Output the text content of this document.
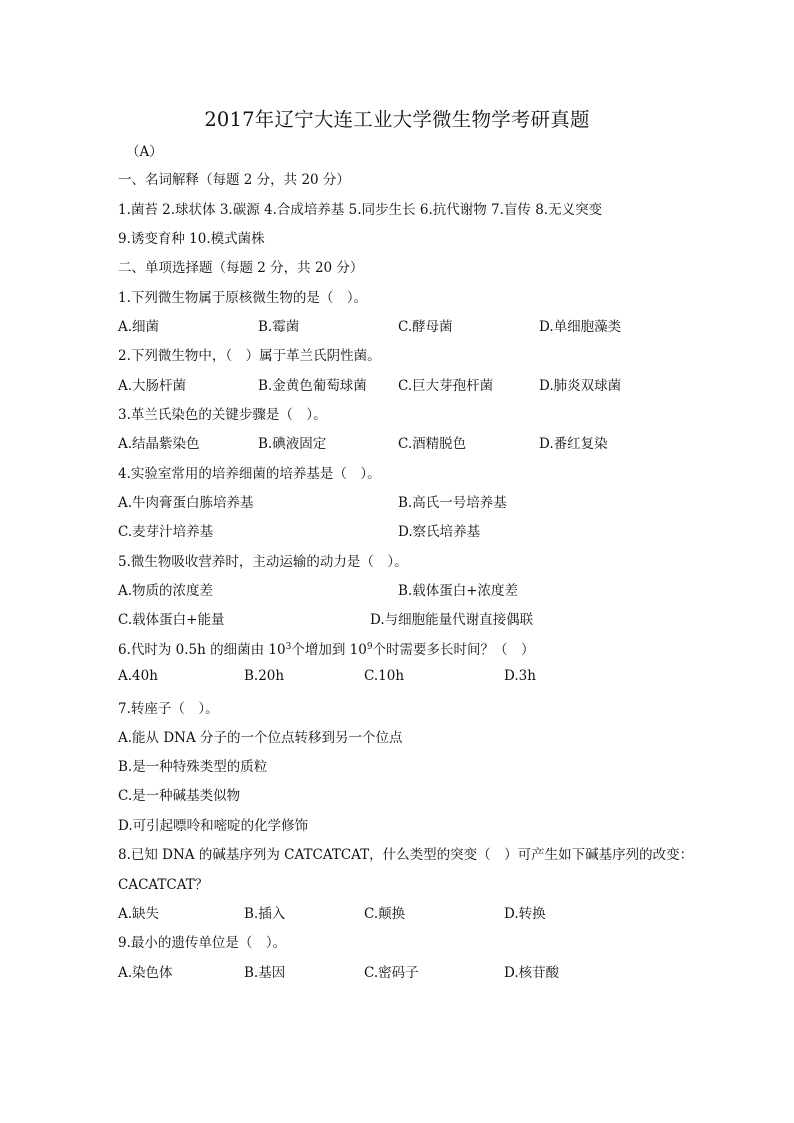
2017年辽宁大连工业大学微生物学考研真题
（A）
一、名词解释（每题 2 分，共 20 分）
1.菌苔 2.球状体 3.碳源 4.合成培养基 5.同步生长 6.抗代谢物 7.盲传 8.无义突变
9.诱变育种 10.模式菌株
二、单项选择题（每题 2 分，共 20 分）
1.下列微生物属于原核微生物的是（　）。
A.细菌	B.霉菌	C.酵母菌	D.单细胞藻类
2.下列微生物中，（　）属于革兰氏阴性菌。
A.大肠杆菌	B.金黄色葡萄球菌 C.巨大芽孢杆菌	D.肺炎双球菌
3.革兰氏染色的关键步骤是（　）。
A.结晶紫染色	B.碘液固定	C.酒精脱色	D.番红复染
4.实验室常用的培养细菌的培养基是（　）。
A.牛肉膏蛋白胨培养基	B.高氏一号培养基
C.麦芽汁培养基	D.察氏培养基
5.微生物吸收营养时，主动运输的动力是（　）。
A.物质的浓度差	B.载体蛋白+浓度差
C.载体蛋白+能量	D.与细胞能量代谢直接偶联
6.代时为 0.5h 的细菌由 $10^3$个增加到 $10^9$个时需要多长时间？（　）
A.40h	B.20h	C.10h	D.3h
7.转座子（　）。
A.能从 DNA 分子的一个位点转移到另一个位点
B.是一种特殊类型的质粒
C.是一种碱基类似物
D.可引起嘌呤和嘧啶的化学修饰
8.已知 DNA 的碱基序列为 CATCATCAT，什么类型的突变（　）可产生如下碱基序列的改变：
CACATCAT？
A.缺失	B.插入	C.颠换	D.转换
9.最小的遗传单位是（　）。
A.染色体	B.基因	C.密码子	D.核苷酸
